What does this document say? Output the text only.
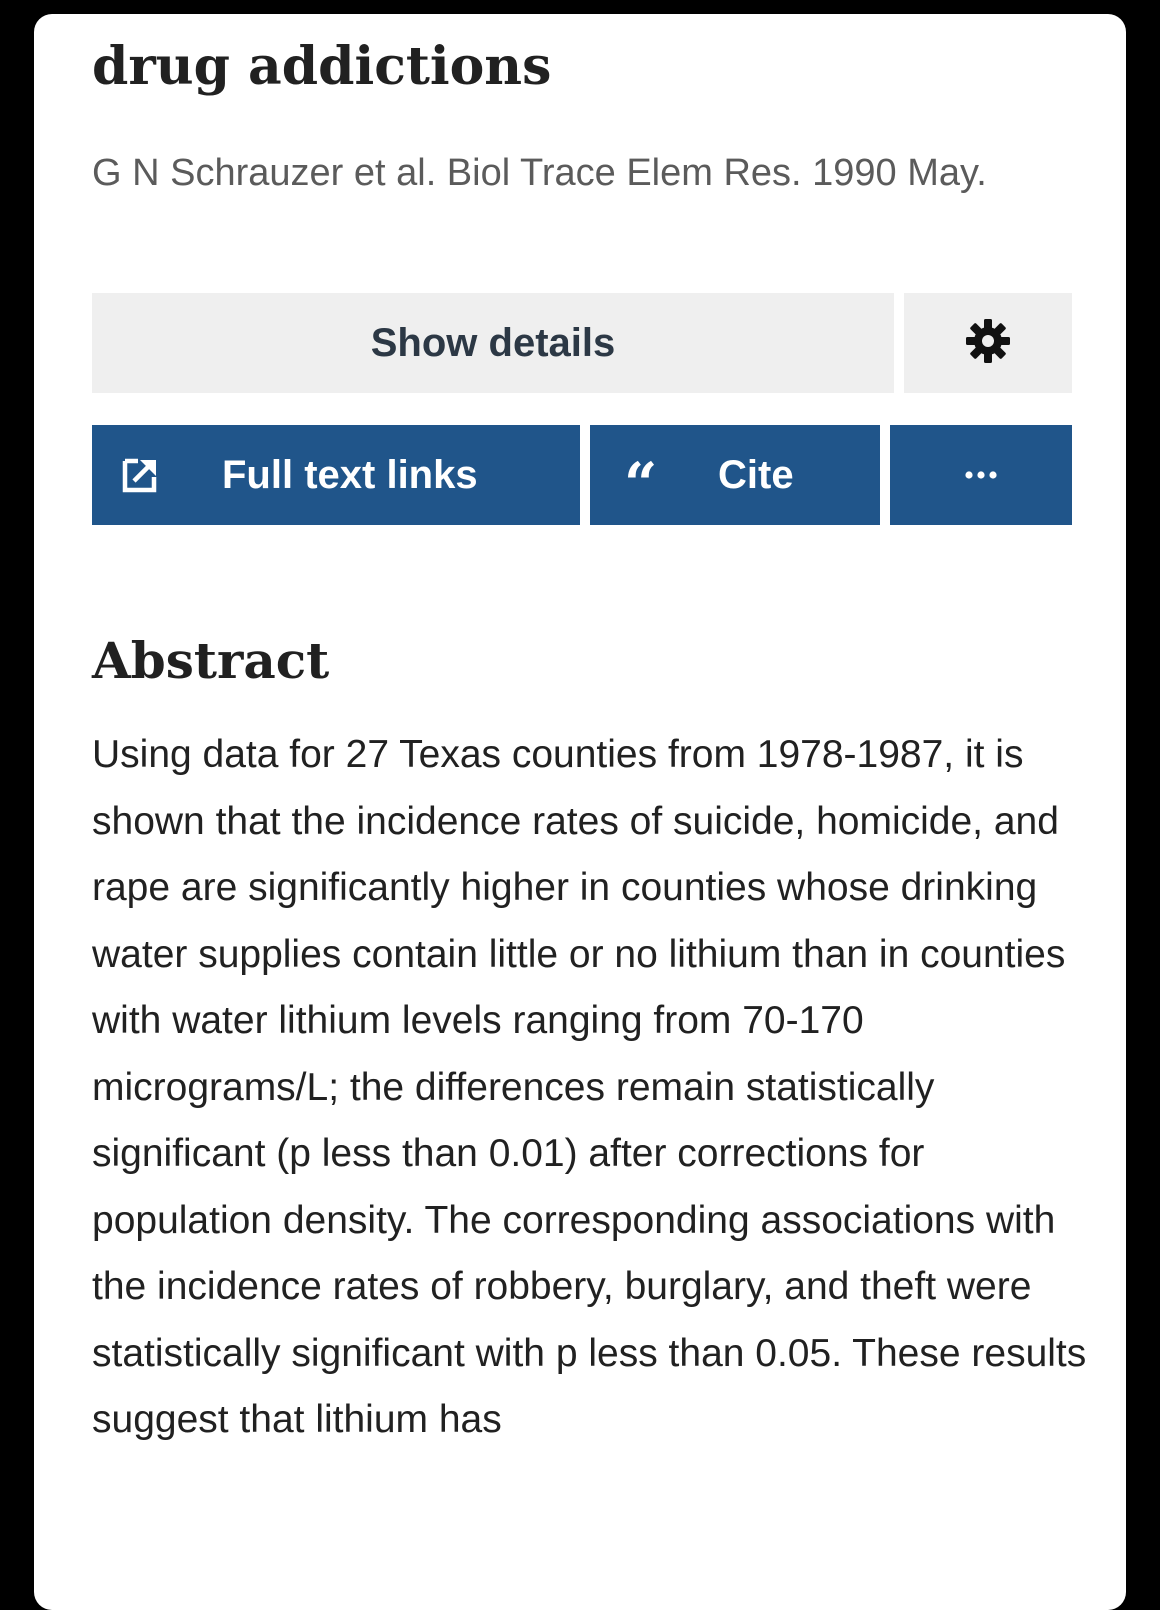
drug addictions

G N Schrauzer et al. Biol Trace Elem Res. 1990 May.

Show details
Full text links	“ Cite
Abstract

Using data for 27 Texas counties from 1978-1987, it is shown that the incidence rates of suicide, homicide, and rape are significantly higher in counties whose drinking water supplies contain little or no lithium than in counties with water lithium levels ranging from 70-170 micrograms/L; the differences remain statistically significant (p less than 0.01) after corrections for population density. The corresponding associations with the incidence rates of robbery, burglary, and theft were statistically significant with p less than 0.05. These results suggest that lithium has
